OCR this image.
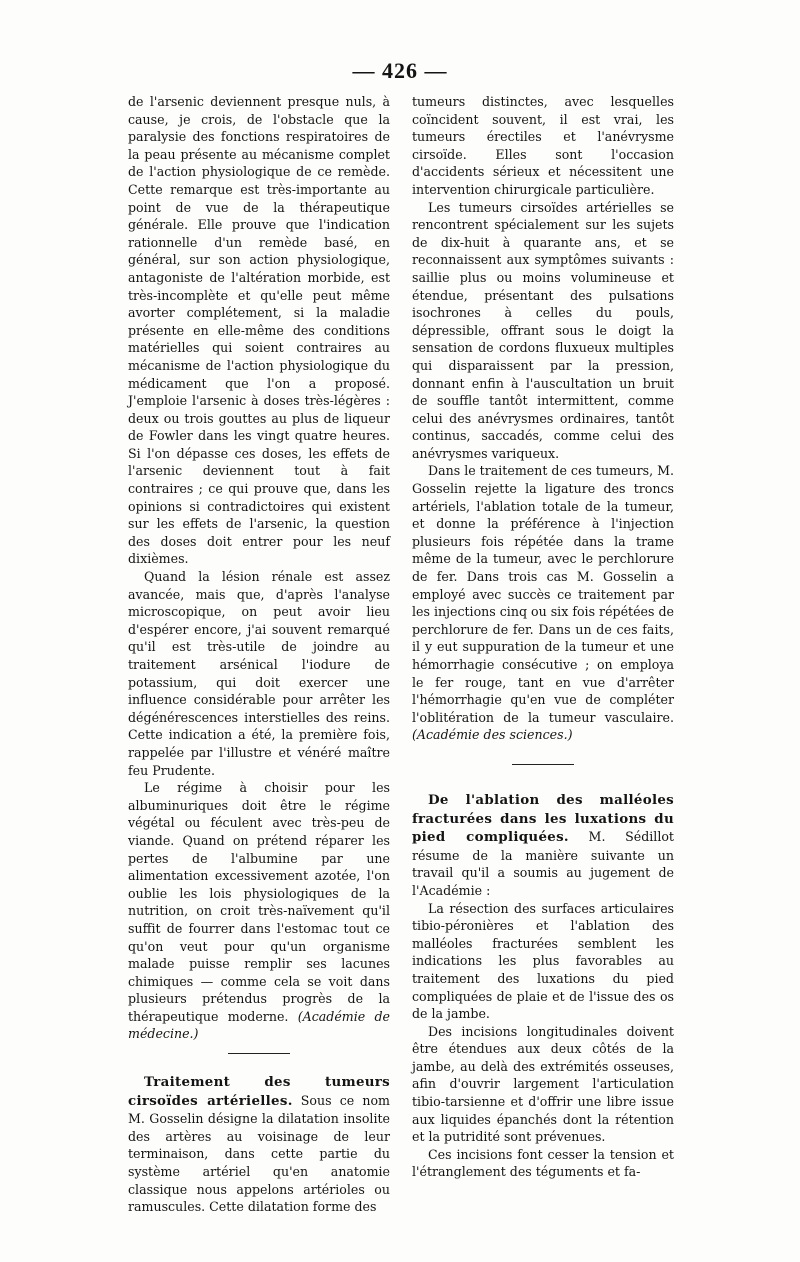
— 426 —

de l'arsenic deviennent presque nuls, à cause, je crois, de l'obstacle que la paralysie des fonctions respiratoires de la peau présente au mécanisme complet de l'action physiologique de ce remède. Cette remarque est très-importante au point de vue de la thérapeutique générale. Elle prouve que l'indication rationnelle d'un remède basé, en général, sur son action physiologique, antagoniste de l'altération morbide, est très-incomplète et qu'elle peut même avorter complétement, si la maladie présente en elle-même des conditions matérielles qui soient contraires au mécanisme de l'action physiologique du médicament que l'on a proposé. J'emploie l'arsenic à doses très-légères : deux ou trois gouttes au plus de liqueur de Fowler dans les vingt quatre heures. Si l'on dépasse ces doses, les effets de l'arsenic deviennent tout à fait contraires ; ce qui prouve que, dans les opinions si contradictoires qui existent sur les effets de l'arsenic, la question des doses doit entrer pour les neuf dixièmes.

Quand la lésion rénale est assez avancée, mais que, d'après l'analyse microscopique, on peut avoir lieu d'espérer encore, j'ai souvent remarqué qu'il est très-utile de joindre au traitement arsénical l'iodure de potassium, qui doit exercer une influence considérable pour arrêter les dégénérescences interstielles des reins. Cette indication a été, la première fois, rappelée par l'illustre et vénéré maître feu Prudente.

Le régime à choisir pour les albuminuriques doit être le régime végétal ou féculent avec très-peu de viande. Quand on prétend réparer les pertes de l'albumine par une alimentation excessivement azotée, l'on oublie les lois physiologiques de la nutrition, on croit très-naïvement qu'il suffit de fourrer dans l'estomac tout ce qu'on veut pour qu'un organisme malade puisse remplir ses lacunes chimiques — comme cela se voit dans plusieurs prétendus progrès de la thérapeutique moderne. (Académie de médecine.)

Traitement des tumeurs cirsoïdes artérielles. Sous ce nom M. Gosselin désigne la dilatation insolite des artères au voisinage de leur terminaison, dans cette partie du système artériel qu'en anatomie classique nous appelons artérioles ou ramuscules. Cette dilatation forme des

tumeurs distinctes, avec lesquelles coïncident souvent, il est vrai, les tumeurs érectiles et l'anévrysme cirsoïde. Elles sont l'occasion d'accidents sérieux et nécessitent une intervention chirurgicale particulière.

Les tumeurs cirsoïdes artérielles se rencontrent spécialement sur les sujets de dix-huit à quarante ans, et se reconnaissent aux symptômes suivants : saillie plus ou moins volumineuse et étendue, présentant des pulsations isochrones à celles du pouls, dépressible, offrant sous le doigt la sensation de cordons fluxueux multiples qui disparaissent par la pression, donnant enfin à l'auscultation un bruit de souffle tantôt intermittent, comme celui des anévrysmes ordinaires, tantôt continus, saccadés, comme celui des anévrysmes variqueux.

Dans le traitement de ces tumeurs, M. Gosselin rejette la ligature des troncs artériels, l'ablation totale de la tumeur, et donne la préférence à l'injection plusieurs fois répétée dans la trame même de la tumeur, avec le perchlorure de fer. Dans trois cas M. Gosselin a employé avec succès ce traitement par les injections cinq ou six fois répétées de perchlorure de fer. Dans un de ces faits, il y eut suppuration de la tumeur et une hémorrhagie consécutive ; on employa le fer rouge, tant en vue d'arrêter l'hémorrhagie qu'en vue de compléter l'oblitération de la tumeur vasculaire. (Académie des sciences.)

De l'ablation des malléoles fracturées dans les luxations du pied compliquées. M. Sédillot résume de la manière suivante un travail qu'il a soumis au jugement de l'Académie :

La résection des surfaces articulaires tibio-péronières et l'ablation des malléoles fracturées semblent les indications les plus favorables au traitement des luxations du pied compliquées de plaie et de l'issue des os de la jambe.

Des incisions longitudinales doivent être étendues aux deux côtés de la jambe, au delà des extrémités osseuses, afin d'ouvrir largement l'articulation tibio-tarsienne et d'offrir une libre issue aux liquides épanchés dont la rétention et la putridité sont prévenues.

Ces incisions font cesser la tension et l'étranglement des téguments et fa-
